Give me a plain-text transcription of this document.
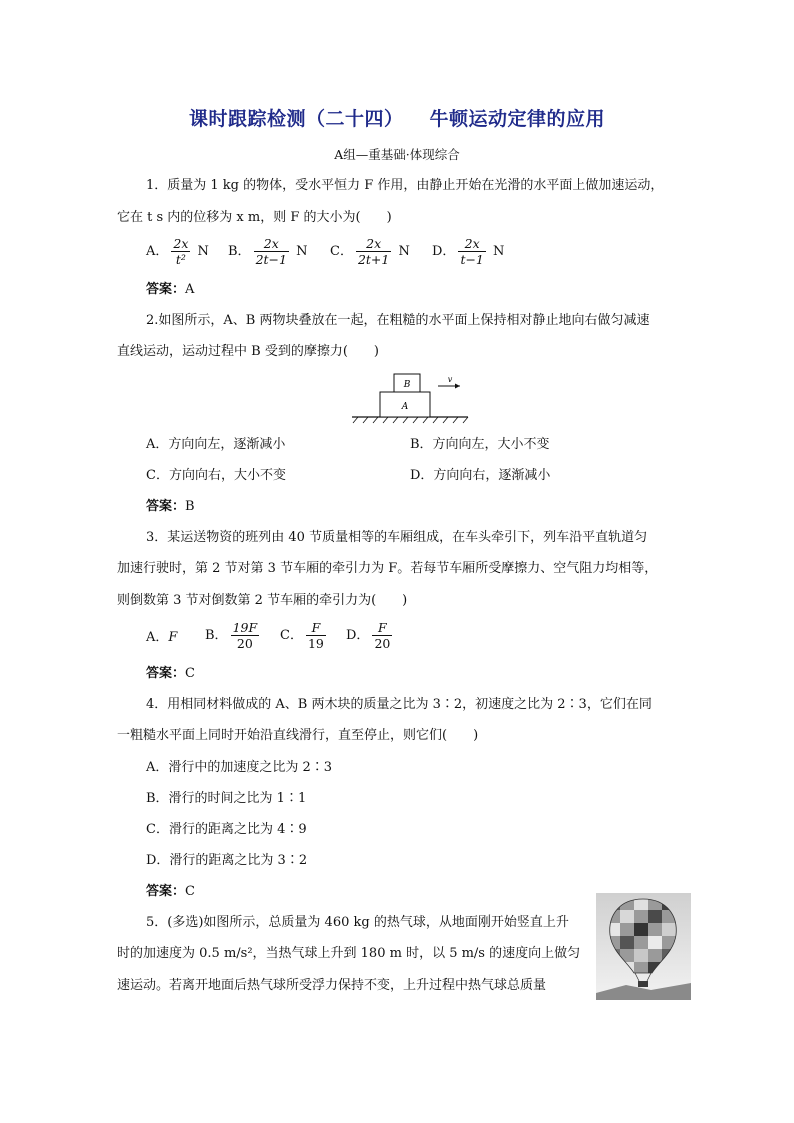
课时跟踪检测（二十四） 牛顿运动定律的应用
A组—重基础·体现综合
1．质量为 1 kg 的物体，受水平恒力 F 作用，由静止开始在光滑的水平面上做加速运动，
它在 t s 内的位移为 x m，则 F 的大小为(　　)
A． $\frac{2x}{\text{t²}}$ N B． $\frac{2x}{2t-1}$ N C． $\frac{2x}{2t+1}$ N D． $\frac{2x}{t-1}$ N
答案：A
2.如图所示，A、B 两物块叠放在一起，在粗糙的水平面上保持相对静止地向右做匀减速
直线运动，运动过程中 B 受到的摩擦力(　　)
A
B
v
A．方向向左，逐渐减小	B．方向向左，大小不变
C．方向向右，大小不变	D．方向向右，逐渐减小
答案：B
3．某运送物资的班列由 40 节质量相等的车厢组成，在车头牵引下，列车沿平直轨道匀
加速行驶时，第 2 节对第 3 节车厢的牵引力为 F。若每节车厢所受摩擦力、空气阻力均相等，
则倒数第 3 节对倒数第 2 节车厢的牵引力为(　　)
A．F B． $\frac{19F}{20}$ C． $\frac{F}{19}$ D． $\frac{F}{20}$
答案：C
4．用相同材料做成的 A、B 两木块的质量之比为 3∶2，初速度之比为 2∶3，它们在同
一粗糙水平面上同时开始沿直线滑行，直至停止，则它们(　　)
A．滑行中的加速度之比为 2∶3
B．滑行的时间之比为 1∶1
C．滑行的距离之比为 4∶9
D．滑行的距离之比为 3∶2
答案：C
5．(多选)如图所示，总质量为 460 kg 的热气球，从地面刚开始竖直上升
时的加速度为 0.5 m/s²，当热气球上升到 180 m 时，以 5 m/s 的速度向上做匀
速运动。若离开地面后热气球所受浮力保持不变，上升过程中热气球总质量
